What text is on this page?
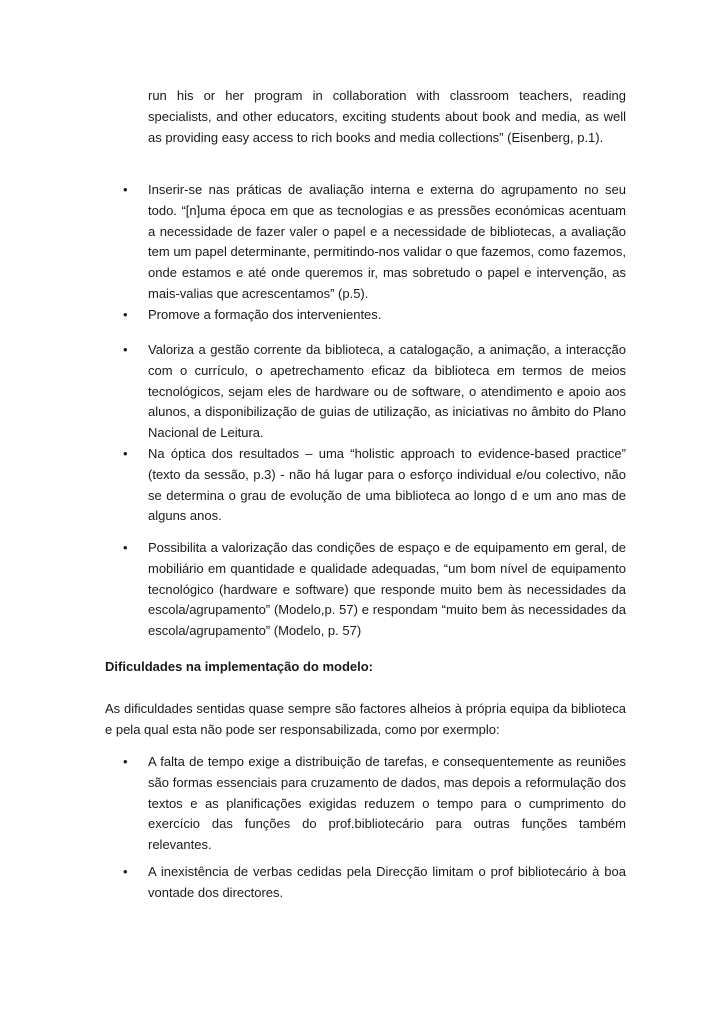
run his or her program in collaboration with classroom teachers, reading specialists, and other educators, exciting students about book and media, as well as providing easy access to rich books and media collections” (Eisenberg, p.1).

• Inserir-se nas práticas de avaliação interna e externa do agrupamento no seu todo. “[n]uma época em que as tecnologias e as pressões económicas acentuam a necessidade de fazer valer o papel e a necessidade de bibliotecas, a avaliação tem um papel determinante, permitindo-nos validar o que fazemos, como fazemos, onde estamos e até onde queremos ir, mas sobretudo o papel e intervenção, as mais-valias que acrescentamos” (p.5).
• Promove a formação dos intervenientes.
• Valoriza a gestão corrente da biblioteca, a catalogação, a animação, a interacção com o currículo, o apetrechamento eficaz da biblioteca em termos de meios tecnológicos, sejam eles de hardware ou de software, o atendimento e apoio aos alunos, a disponibilização de guias de utilização, as iniciativas no âmbito do Plano Nacional de Leitura.
• Na óptica dos resultados – uma “holistic approach to evidence-based practice” (texto da sessão, p.3) - não há lugar para o esforço individual e/ou colectivo, não se determina o grau de evolução de uma biblioteca ao longo d e um ano mas de alguns anos.
• Possibilita a valorização das condições de espaço e de equipamento em geral, de mobiliário em quantidade e qualidade adequadas, “um bom nível de equipamento tecnológico (hardware e software) que responde muito bem às necessidades da escola/agrupamento” (Modelo,p. 57) e respondam “muito bem às necessidades da escola/agrupamento” (Modelo, p. 57)
Dificuldades na implementação do modelo:

As dificuldades sentidas quase sempre são factores alheios à própria equipa da biblioteca e pela qual esta não pode ser responsabilizada, como por exermplo:

• A falta de tempo exige a distribuição de tarefas, e consequentemente as reuniões são formas essenciais para cruzamento de dados, mas depois a reformulação dos textos e as planificações exigidas reduzem o tempo para o cumprimento do exercício das funções do prof.bibliotecário para outras funções também relevantes.
• A inexistência de verbas cedidas pela Direcção limitam o prof bibliotecário à boa vontade dos directores.
